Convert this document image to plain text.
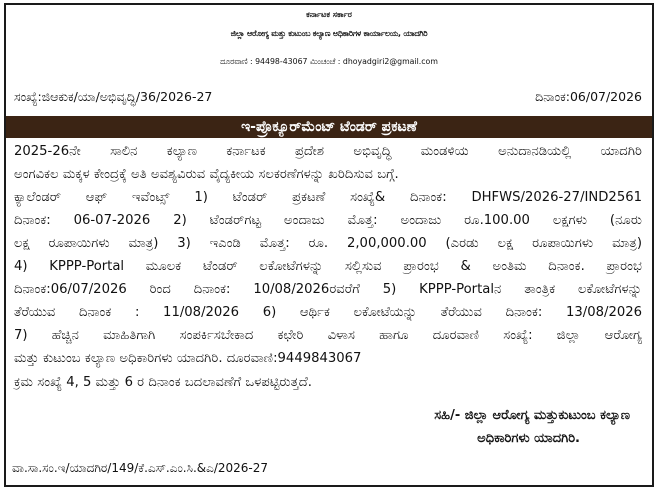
ಕರ್ನಾಟಕ ಸರ್ಕಾರ
ಜಿಲ್ಲಾ ಆರೋಗ್ಯ ಮತ್ತು ಕುಟುಂಬ ಕಲ್ಯಾಣ ಅಧಿಕಾರಿಗಳ ಕಾರ್ಯಾಲಯ, ಯಾದಗಿರಿ
ದೂರವಾಣಿ : 94498-43067 ಮಿಂಚಂಚೆ : dhoyadgiri2@gmail.com
ಸಂಖ್ಯೆ:ಜಿಆಕುಕ/ಯಾ/ಅಭಿವೃದ್ಧಿ/36/2026-27	ದಿನಾಂಕ:06/07/2026
ಇ-ಪ್ರೊಕ್ಯೂರ್‌ಮೆಂಟ್ ಟೆಂಡರ್ ಪ್ರಕಟಣೆ
2025-26ನೇ ಸಾಲಿನ ಕಲ್ಯಾಣ ಕರ್ನಾಟಕ ಪ್ರದೇಶ ಅಭಿವೃದ್ಧಿ ಮಂಡಳಿಯ ಅನುದಾನಡಿಯಲ್ಲಿ ಯಾದಗಿರಿ
ಅಂಗವಿಕಲ ಮಕ್ಕಳ ಕೇಂದ್ರಕ್ಕೆ ಅತಿ ಅವಶ್ಯವಿರುವ ವೈದ್ಯಕೀಯ ಸಲಕರಣೆಗಳನ್ನು ಖರಿದಿಸುವ ಬಗ್ಗೆ.
ಕ್ಯಾಲೆಂಡರ್ ಆಫ್ ಇವೆಂಟ್ಸ್ 1) ಟೆಂಡರ್ ಪ್ರಕಟಣೆ ಸಂಖ್ಯೆ& ದಿನಾಂಕ: DHFWS/2026-27/IND2561
ದಿನಾಂಕ: 06-07-2026 2) ಟೆಂಡರ್‌ಗಟ್ಟ ಅಂದಾಜು ಮೊತ್ತ: ಅಂದಾಜು ರೂ.100.00 ಲಕ್ಷಗಳು (ನೂರು
ಲಕ್ಷ ರೂಪಾಯಿಗಳು ಮಾತ್ರ) 3) ಇಎಂಡಿ ಮೊತ್ತ: ರೂ. 2,00,000.00 (ಎರಡು ಲಕ್ಷ ರೂಪಾಯಿಗಳು ಮಾತ್ರ)
4) KPPP-Portal ಮೂಲಕ ಟೆಂಡರ್ ಲಕೋಟೆಗಳನ್ನು ಸಲ್ಲಿಸುವ ಪ್ರಾರಂಭ & ಅಂತಿಮ ದಿನಾಂಕ. ಪ್ರಾರಂಭ
ದಿನಾಂಕ:06/07/2026 ರಿಂದ ದಿನಾಂಕ: 10/08/2026ರವರೆಗೆ 5) KPPP-Portalನ ತಾಂತ್ರಿಕ ಲಕೋಟೆಗಳನ್ನು
ತೆರೆಯುವ ದಿನಾಂಕ : 11/08/2026 6) ಆರ್ಥಿಕ ಲಕೋಟೆಯನ್ನು ತೆರೆಯುವ ದಿನಾಂಕ: 13/08/2026
7) ಹೆಚ್ಚಿನ ಮಾಹಿತಿಗಾಗಿ ಸಂಪರ್ಕಿಸಬೇಕಾದ ಕಛೇರಿ ವಿಳಾಸ ಹಾಗೂ ದೂರವಾಣಿ ಸಂಖ್ಯೆ: ಜಿಲ್ಲಾ ಆರೋಗ್ಯ
ಮತ್ತು ಕುಟುಂಬ ಕಲ್ಯಾಣ ಅಧಿಕಾರಿಗಳು ಯಾದಗಿರಿ. ದೂರವಾಣಿ:9449843067
ಕ್ರಮ ಸಂಖ್ಯೆ 4, 5 ಮತ್ತು 6 ರ ದಿನಾಂಕ ಬದಲಾವಣೆಗೆ ಒಳಪಟ್ಟಿರುತ್ತದೆ.
ಸಹಿ/- ಜಿಲ್ಲಾ ಆರೋಗ್ಯ ಮತ್ತುಕುಟುಂಬ ಕಲ್ಯಾಣ
ಅಧಿಕಾರಿಗಳು ಯಾದಗಿರಿ.
ವಾ.ಸಾ.ಸಂ.ಇ/ಯಾದಗಿರ/149/ಕೆ.ಎಸ್.ಎಂ.ಸಿ.&ಎ/2026-27
